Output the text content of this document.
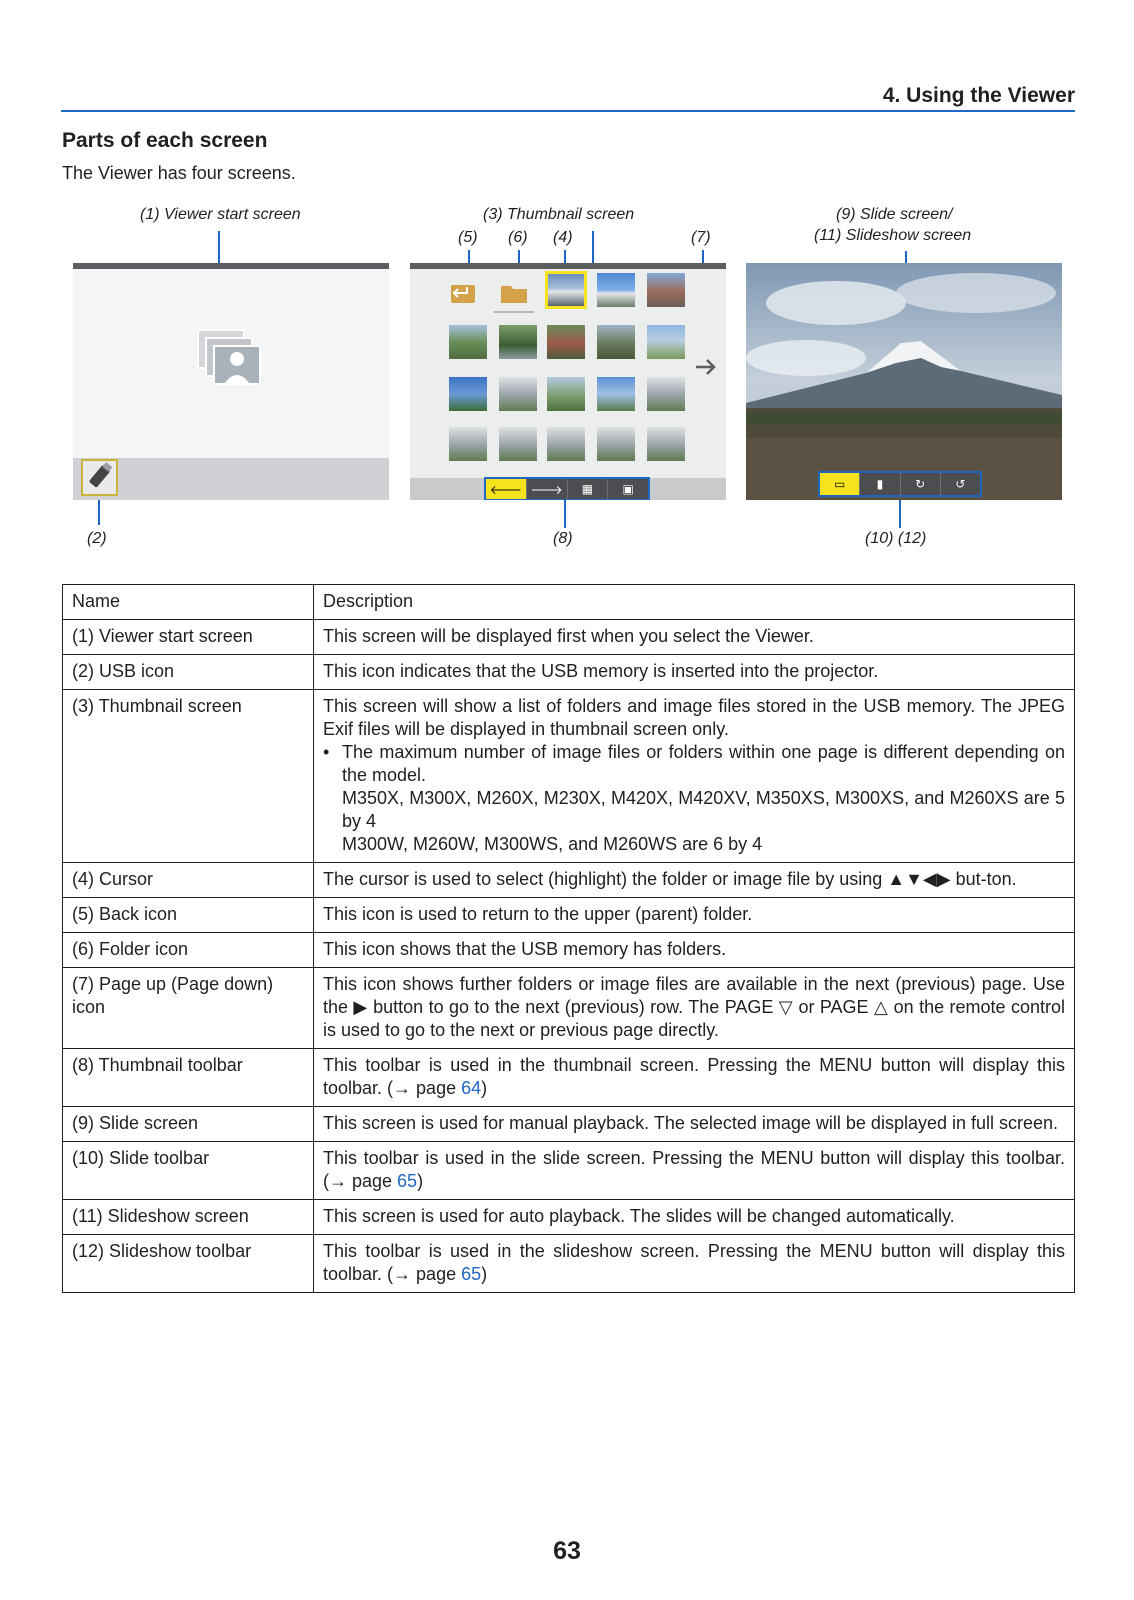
4. Using the Viewer
Parts of each screen
The Viewer has four screens.
(1) Viewer start screen	(3) Thumbnail screen	(9) Slide screen/
(11) Slideshow screen
(5) (6) (4)	(7)
🡐 🡒	▦	▣	▭	▮	↻	↺
(2)	(8)	(10) (12)
Name	Description
(1) Viewer start screen	This screen will be displayed first when you select the Viewer.
(2) USB icon	This icon indicates that the USB memory is inserted into the projector.
(3) Thumbnail screen	This screen will show a list of folders and image files stored in the USB memory. The JPEG Exif files will be displayed in thumbnail screen only.
• The maximum number of image files or folders within one page is different depending on the model.
M350X, M300X, M260X, M230X, M420X, M420XV, M350XS, M300XS, and M260XS are 5 by 4
M300W, M260W, M300WS, and M260WS are 6 by 4

(4) Cursor	The cursor is used to select (highlight) the folder or image file by using ▲▼◀▶ but-ton.
(5) Back icon	This icon is used to return to the upper (parent) folder.
(6) Folder icon	This icon shows that the USB memory has folders.
(7) Page up (Page down) icon	This icon shows further folders or image files are available in the next (previous) page. Use the ▶ button to go to the next (previous) row. The PAGE ▽ or PAGE △ on the remote control is used to go to the next or previous page directly.
(8) Thumbnail toolbar	This toolbar is used in the thumbnail screen. Pressing the MENU button will display this toolbar. (→ page 64)
(9) Slide screen	This screen is used for manual playback. The selected image will be displayed in full screen.
(10) Slide toolbar	This toolbar is used in the slide screen. Pressing the MENU button will display this toolbar. (→ page 65)
(11) Slideshow screen	This screen is used for auto playback. The slides will be changed automatically.
(12) Slideshow toolbar	This toolbar is used in the slideshow screen. Pressing the MENU button will display this toolbar. (→ page 65)
63
